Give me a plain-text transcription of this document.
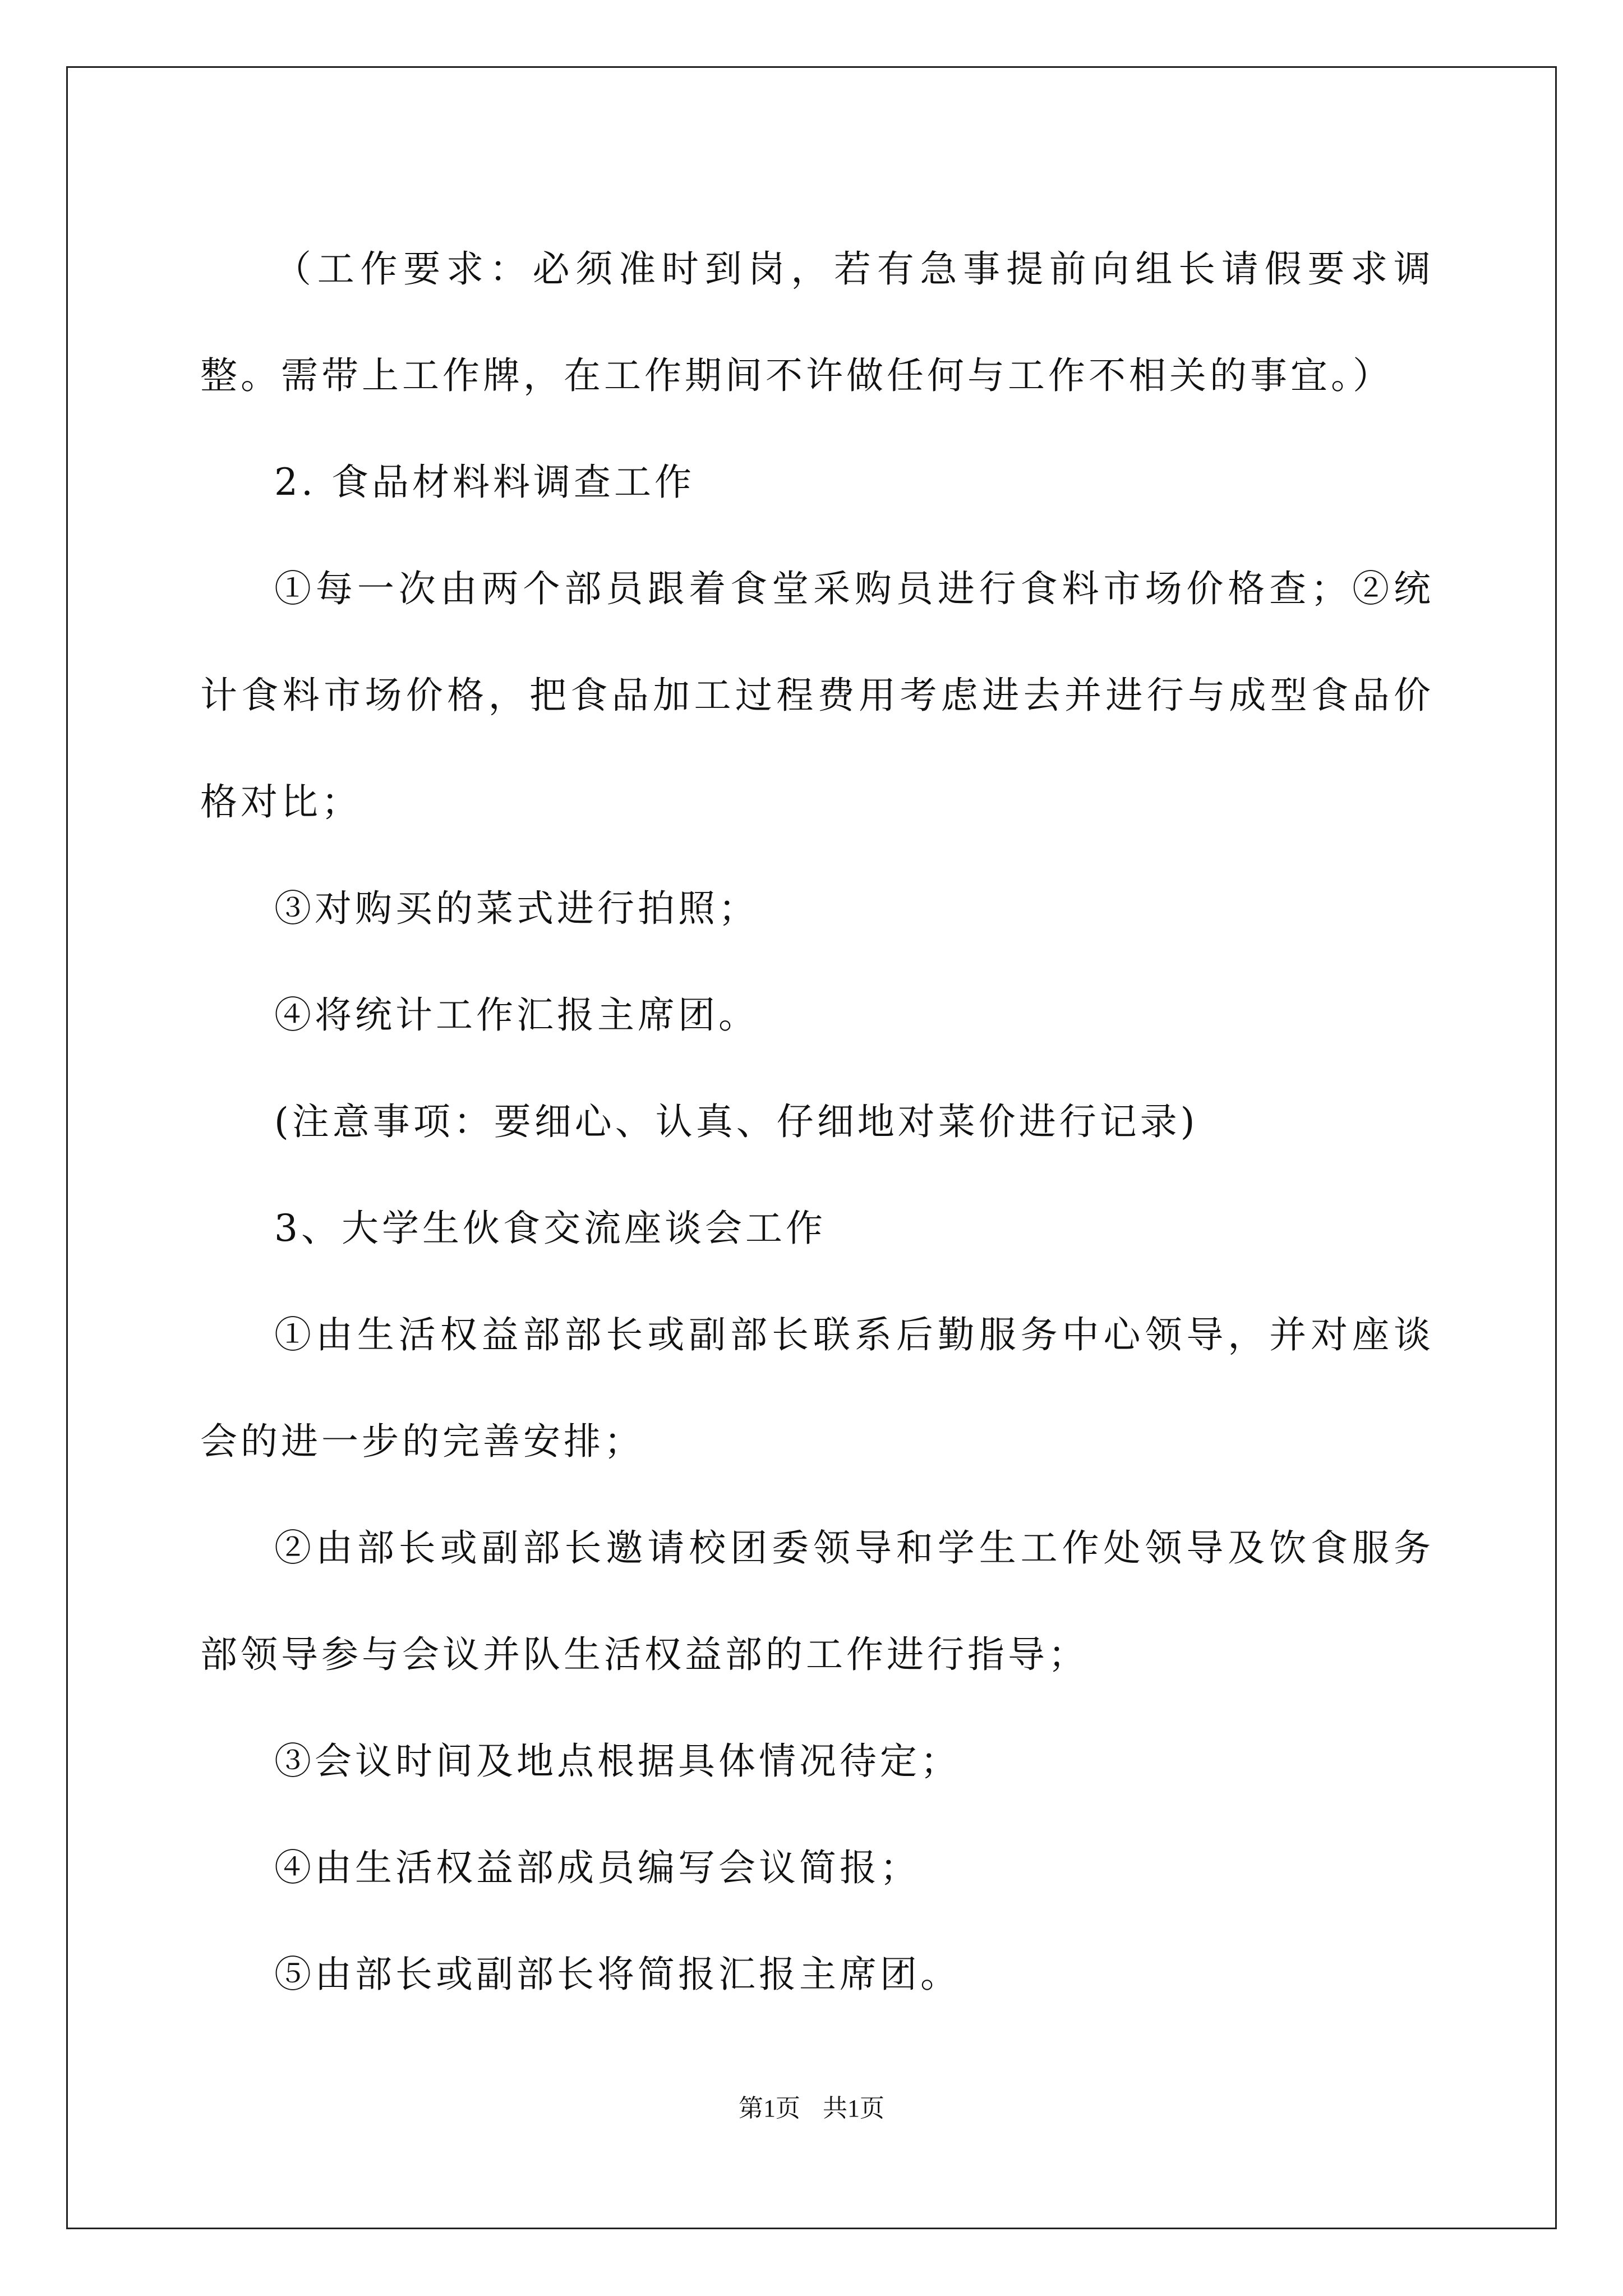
（工作要求：必须准时到岗，若有急事提前向组长请假要求调整。需带上工作牌，在工作期间不许做任何与工作不相关的事宜。）

2. 食品材料料调查工作

①每一次由两个部员跟着食堂采购员进行食料市场价格查；②统计食料市场价格，把食品加工过程费用考虑进去并进行与成型食品价格对比；

③对购买的菜式进行拍照；

④将统计工作汇报主席团。

(注意事项：要细心、认真、仔细地对菜价进行记录)

3、大学生伙食交流座谈会工作

①由生活权益部部长或副部长联系后勤服务中心领导，并对座谈会的进一步的完善安排；

②由部长或副部长邀请校团委领导和学生工作处领导及饮食服务部领导参与会议并队生活权益部的工作进行指导；

③会议时间及地点根据具体情况待定；

④由生活权益部成员编写会议简报；

⑤由部长或副部长将简报汇报主席团。

第1页 共1页
